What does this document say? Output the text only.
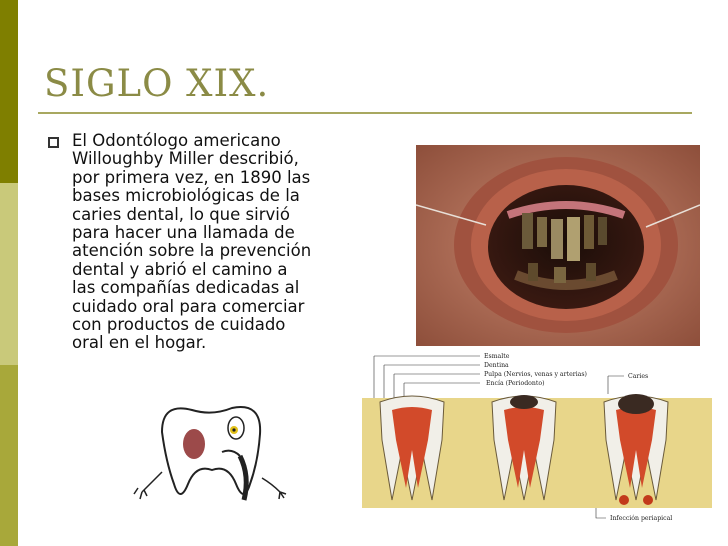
SIGLO XIX.
El Odontólogo americano
Willoughby Miller describió,
por primera vez, en 1890 las
bases microbiológicas de la
caries dental, lo que sirvió
para hacer una llamada de
atención sobre la prevención
dental y abrió el camino a
las compañías dedicadas al
cuidado oral para comerciar
con productos de cuidado
oral en el hogar.
Esmalte
Dentina
Pulpa (Nervios, venas y arterias)
Encía (Periodonto)
Caries
Infección periapical
